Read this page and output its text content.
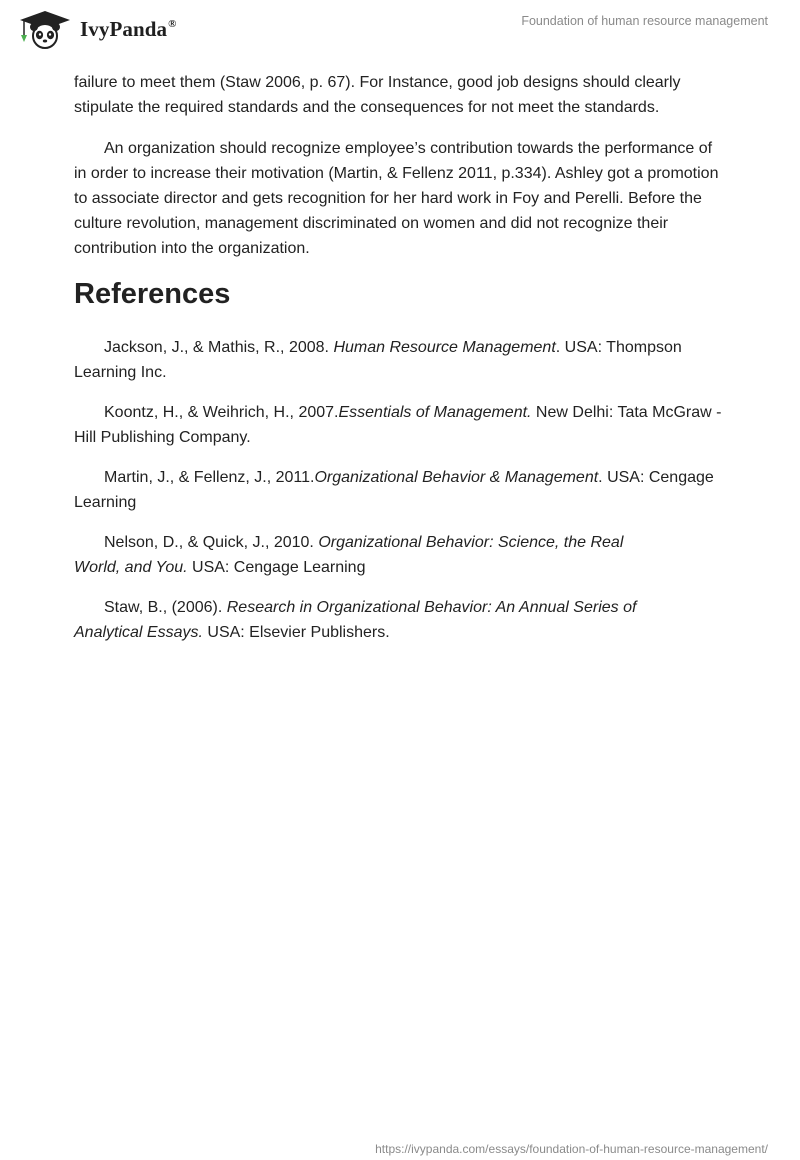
IvyPanda®	Foundation of human resource management

failure to meet them (Staw 2006, p. 67). For Instance, good job designs should clearly stipulate the required standards and the consequences for not meet the standards.

An organization should recognize employee’s contribution towards the performance of in order to increase their motivation (Martin, & Fellenz 2011, p.334). Ashley got a promotion to associate director and gets recognition for her hard work in Foy and Perelli. Before the culture revolution, management discriminated on women and did not recognize their contribution into the organization.

References
Jackson, J., & Mathis, R., 2008. Human Resource Management. USA: Thompson Learning Inc.
Koontz, H., & Weihrich, H., 2007.Essentials of Management. New Delhi: Tata McGraw - Hill Publishing Company.
Martin, J., & Fellenz, J., 2011.Organizational Behavior & Management. USA: Cengage Learning
Nelson, D., & Quick, J., 2010. Organizational Behavior: Science, the Real World, and You. USA: Cengage Learning
Staw, B., (2006). Research in Organizational Behavior: An Annual Series of Analytical Essays. USA: Elsevier Publishers.
https://ivypanda.com/essays/foundation-of-human-resource-management/
